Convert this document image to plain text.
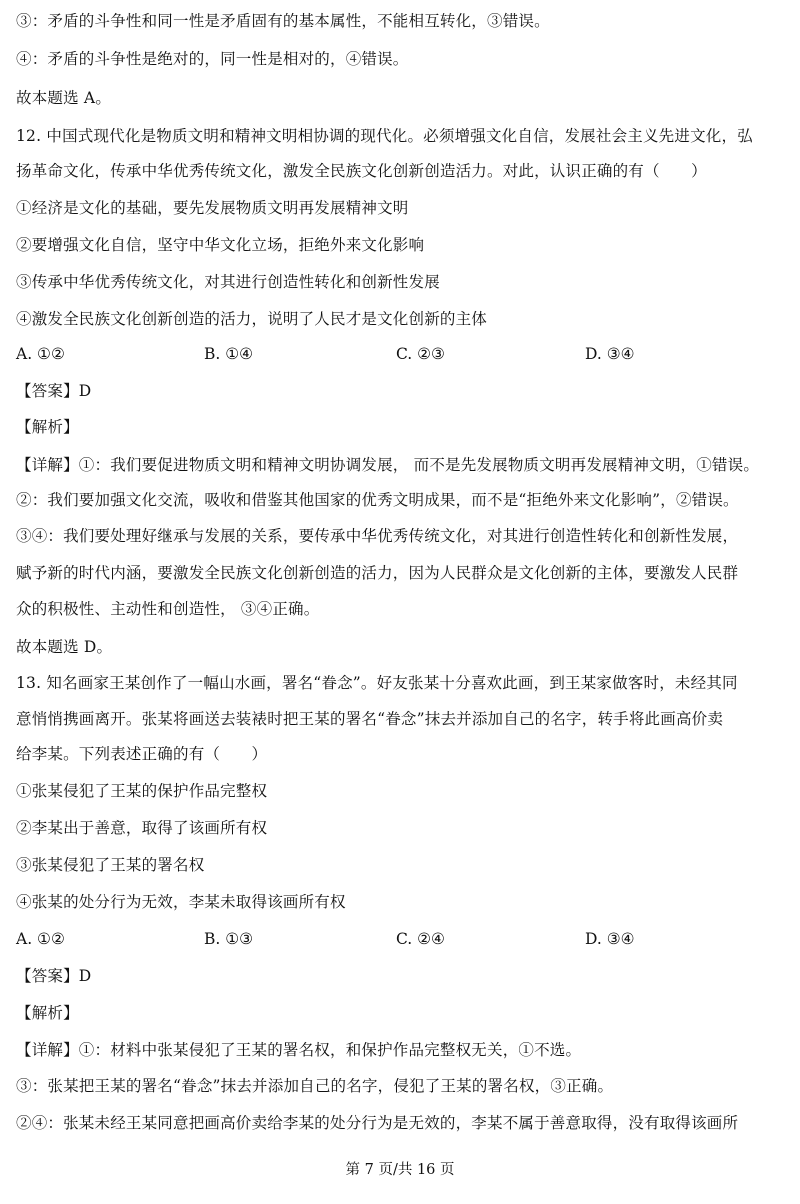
③：矛盾的斗争性和同一性是矛盾固有的基本属性，不能相互转化，③错误。
④：矛盾的斗争性是绝对的，同一性是相对的，④错误。
故本题选 A。
12. 中国式现代化是物质文明和精神文明相协调的现代化。必须增强文化自信，发展社会主义先进文化，弘
扬革命文化，传承中华优秀传统文化，激发全民族文化创新创造活力。对此，认识正确的有（　　）
①经济是文化的基础，要先发展物质文明再发展精神文明
②要增强文化自信，坚守中华文化立场，拒绝外来文化影响
③传承中华优秀传统文化，对其进行创造性转化和创新性发展
④激发全民族文化创新创造的活力，说明了人民才是文化创新的主体
A. ①②	B. ①④	C. ②③	D. ③④
【答案】D
【解析】
【详解】①：我们要促进物质文明和精神文明协调发展， 而不是先发展物质文明再发展精神文明，①错误。
②：我们要加强文化交流，吸收和借鉴其他国家的优秀文明成果，而不是“拒绝外来文化影响”，②错误。
③④：我们要处理好继承与发展的关系，要传承中华优秀传统文化，对其进行创造性转化和创新性发展，
赋予新的时代内涵，要激发全民族文化创新创造的活力，因为人民群众是文化创新的主体，要激发人民群
众的积极性、主动性和创造性， ③④正确。
故本题选 D。
13. 知名画家王某创作了一幅山水画，署名“眷念”。好友张某十分喜欢此画，到王某家做客时，未经其同
意悄悄携画离开。张某将画送去装裱时把王某的署名“眷念”抹去并添加自己的名字，转手将此画高价卖
给李某。下列表述正确的有（　　）
①张某侵犯了王某的保护作品完整权
②李某出于善意，取得了该画所有权
③张某侵犯了王某的署名权
④张某的处分行为无效，李某未取得该画所有权
A. ①②	B. ①③	C. ②④	D. ③④
【答案】D
【解析】
【详解】①：材料中张某侵犯了王某的署名权，和保护作品完整权无关，①不选。
③：张某把王某的署名“眷念”抹去并添加自己的名字，侵犯了王某的署名权，③正确。
②④：张某未经王某同意把画高价卖给李某的处分行为是无效的，李某不属于善意取得，没有取得该画所
第 7 页/共 16 页
